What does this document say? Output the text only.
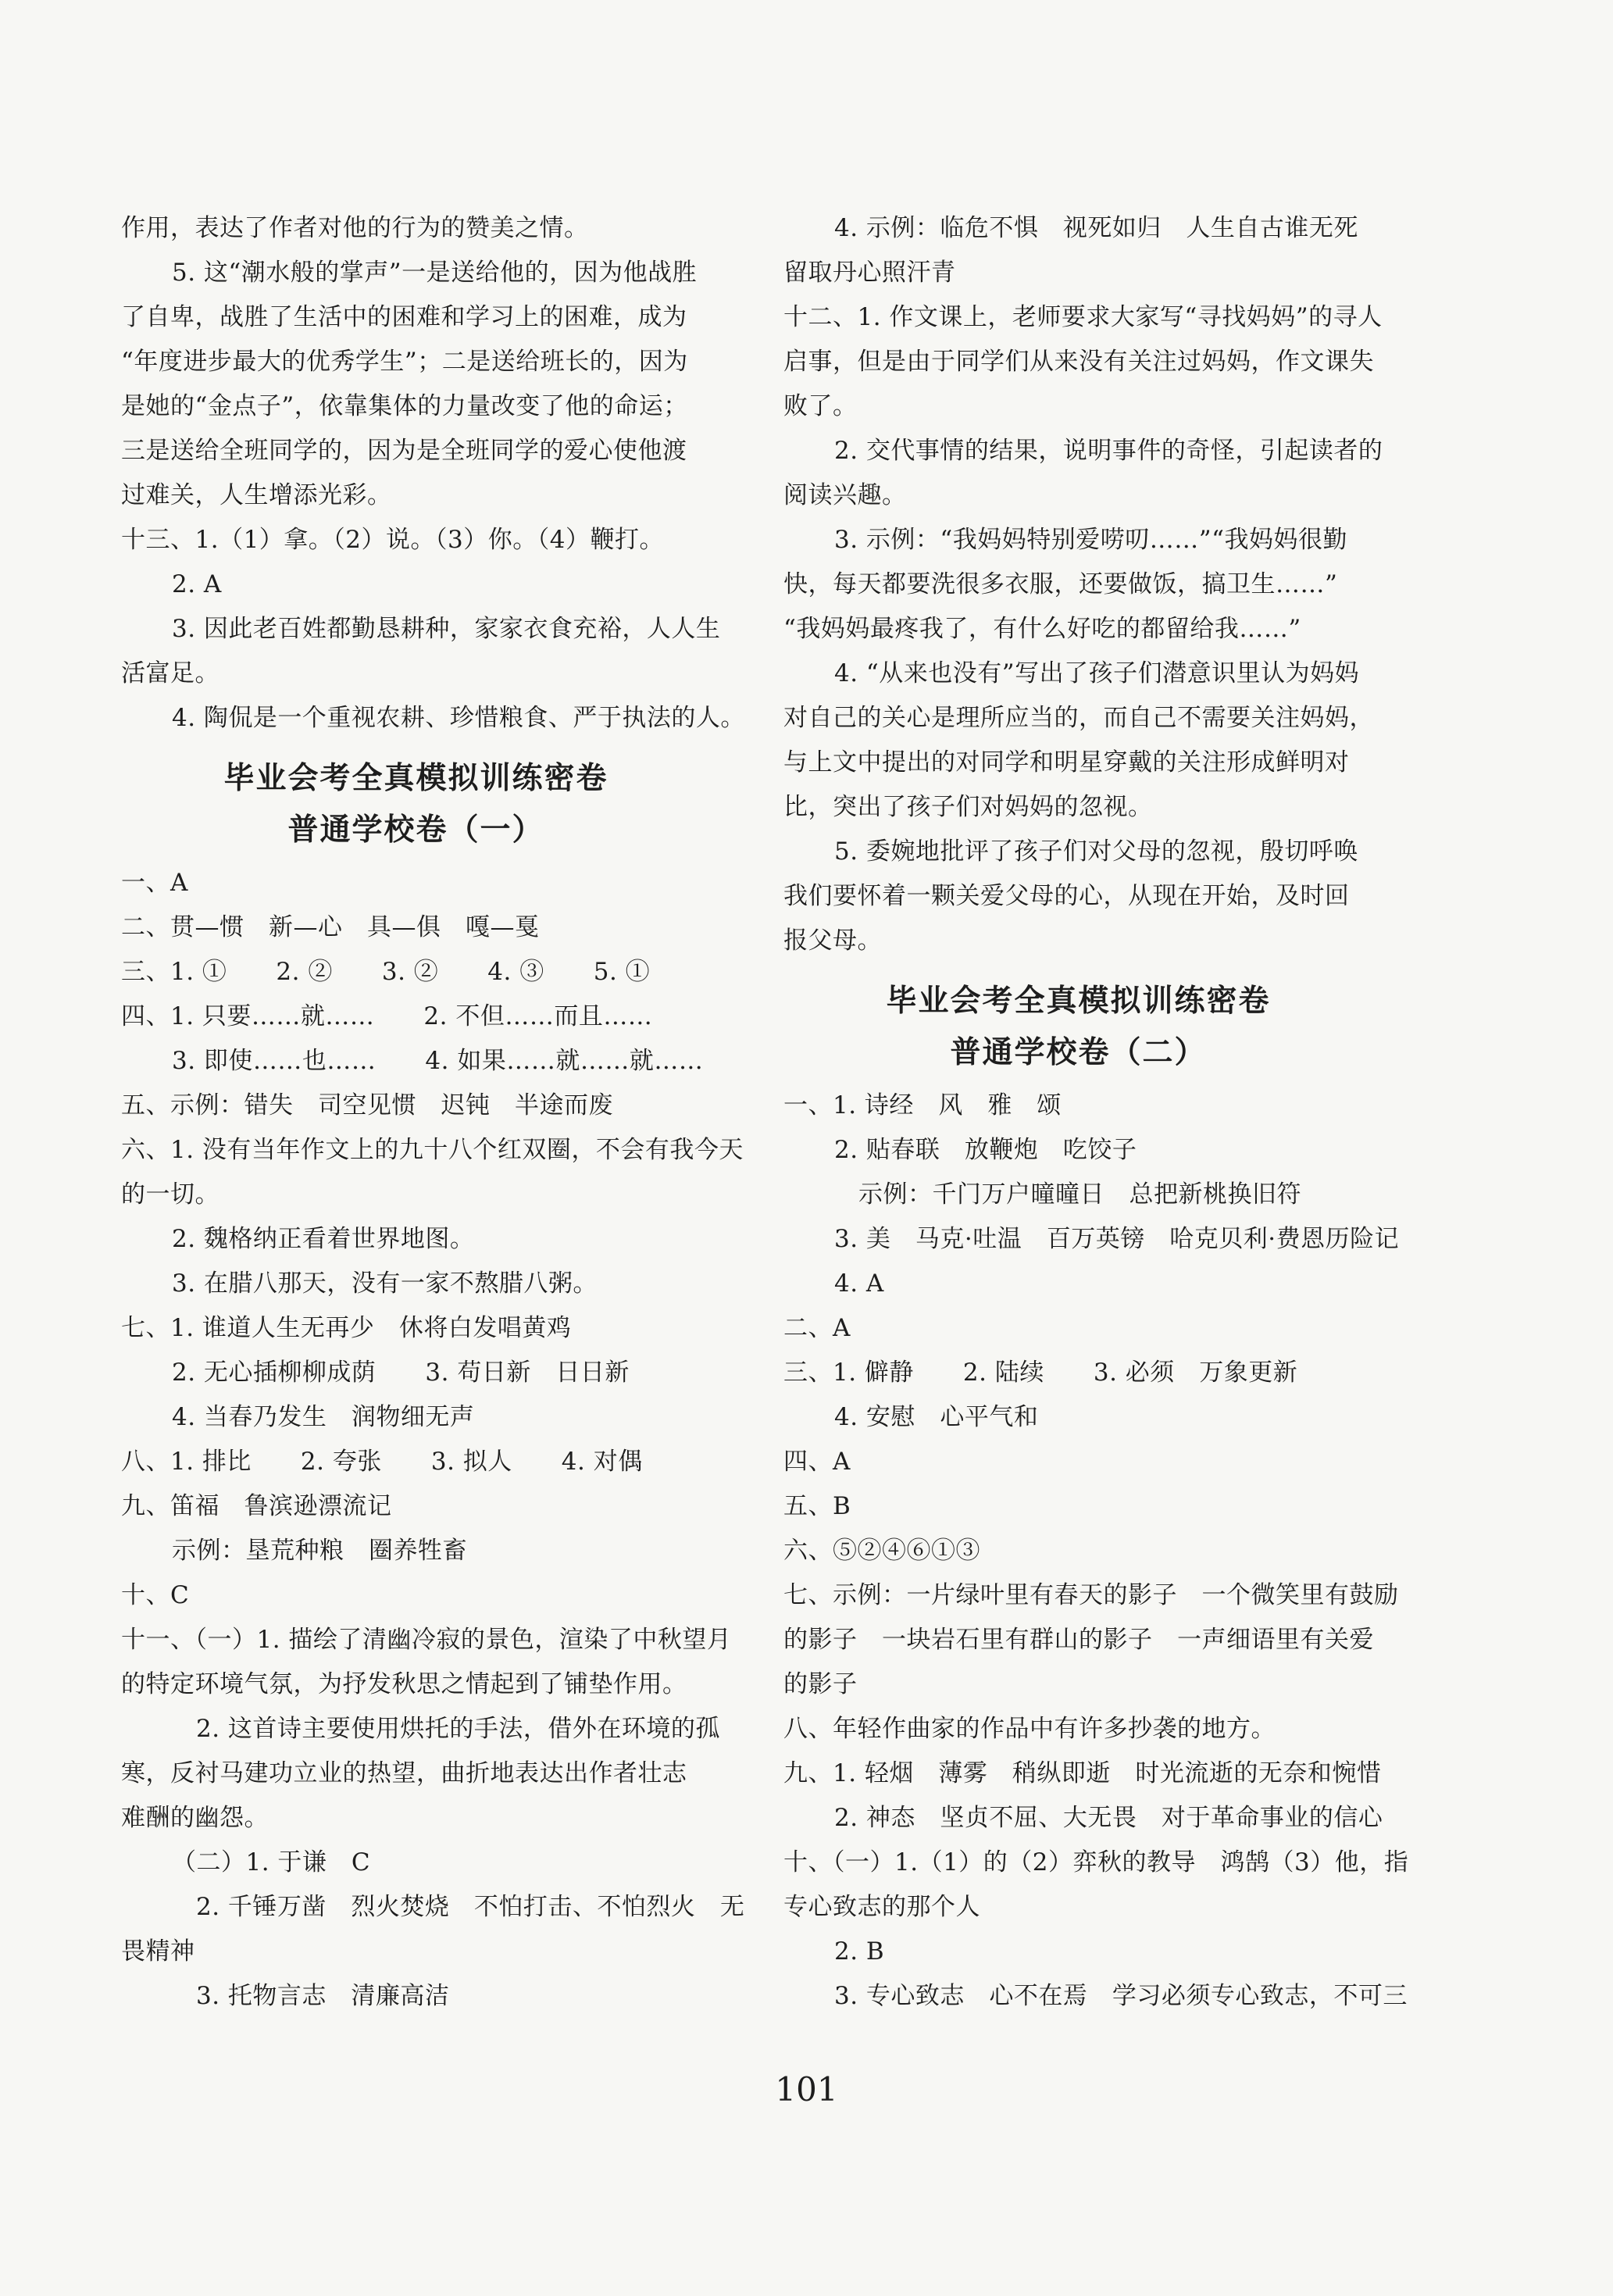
作用，表达了作者对他的行为的赞美之情。
5. 这“潮水般的掌声”一是送给他的，因为他战胜
了自卑，战胜了生活中的困难和学习上的困难，成为
“年度进步最大的优秀学生”；二是送给班长的，因为
是她的“金点子”，依靠集体的力量改变了他的命运；
三是送给全班同学的，因为是全班同学的爱心使他渡
过难关，人生增添光彩。
十三、1.（1）拿。（2）说。（3）你。（4）鞭打。
2. A
3. 因此老百姓都勤恳耕种，家家衣食充裕，人人生
活富足。
4. 陶侃是一个重视农耕、珍惜粮食、严于执法的人。
毕业会考全真模拟训练密卷
普通学校卷（一）
一、A
二、贯—惯　新—心　具—俱　嘎—戛
三、1. ①　　2. ②　　3. ②　　4. ③　　5. ①
四、1. 只要……就……　　2. 不但……而且……
3. 即使……也……　　4. 如果……就……就……
五、示例：错失　司空见惯　迟钝　半途而废
六、1. 没有当年作文上的九十八个红双圈，不会有我今天
的一切。
2. 魏格纳正看着世界地图。
3. 在腊八那天，没有一家不熬腊八粥。
七、1. 谁道人生无再少　休将白发唱黄鸡
2. 无心插柳柳成荫　　3. 苟日新　日日新
4. 当春乃发生　润物细无声
八、1. 排比　　2. 夸张　　3. 拟人　　4. 对偶
九、笛福　鲁滨逊漂流记
示例：垦荒种粮　圈养牲畜
十、C
十一、（一）1. 描绘了清幽冷寂的景色，渲染了中秋望月
的特定环境气氛，为抒发秋思之情起到了铺垫作用。
2. 这首诗主要使用烘托的手法，借外在环境的孤
寒，反衬马建功立业的热望，曲折地表达出作者壮志
难酬的幽怨。
（二）1. 于谦　C
2. 千锤万凿　烈火焚烧　不怕打击、不怕烈火　无
畏精神
3. 托物言志　清廉高洁
4. 示例：临危不惧　视死如归　人生自古谁无死
留取丹心照汗青
十二、1. 作文课上，老师要求大家写“寻找妈妈”的寻人
启事，但是由于同学们从来没有关注过妈妈，作文课失
败了。
2. 交代事情的结果，说明事件的奇怪，引起读者的
阅读兴趣。
3. 示例：“我妈妈特别爱唠叨……”“我妈妈很勤
快，每天都要洗很多衣服，还要做饭，搞卫生……”
“我妈妈最疼我了，有什么好吃的都留给我……”
4. “从来也没有”写出了孩子们潜意识里认为妈妈
对自己的关心是理所应当的，而自己不需要关注妈妈，
与上文中提出的对同学和明星穿戴的关注形成鲜明对
比，突出了孩子们对妈妈的忽视。
5. 委婉地批评了孩子们对父母的忽视，殷切呼唤
我们要怀着一颗关爱父母的心，从现在开始，及时回
报父母。
毕业会考全真模拟训练密卷
普通学校卷（二）
一、1. 诗经　风　雅　颂
2. 贴春联　放鞭炮　吃饺子
示例：千门万户曈曈日　总把新桃换旧符
3. 美　马克·吐温　百万英镑　哈克贝利·费恩历险记
4. A
二、A
三、1. 僻静　　2. 陆续　　3. 必须　万象更新
4. 安慰　心平气和
四、A
五、B
六、⑤②④⑥①③
七、示例：一片绿叶里有春天的影子　一个微笑里有鼓励
的影子　一块岩石里有群山的影子　一声细语里有关爱
的影子
八、年轻作曲家的作品中有许多抄袭的地方。
九、1. 轻烟　薄雾　稍纵即逝　时光流逝的无奈和惋惜
2. 神态　坚贞不屈、大无畏　对于革命事业的信心
十、（一）1.（1）的（2）弈秋的教导　鸿鹄（3）他，指
专心致志的那个人
2. B
3. 专心致志　心不在焉　学习必须专心致志，不可三
101
